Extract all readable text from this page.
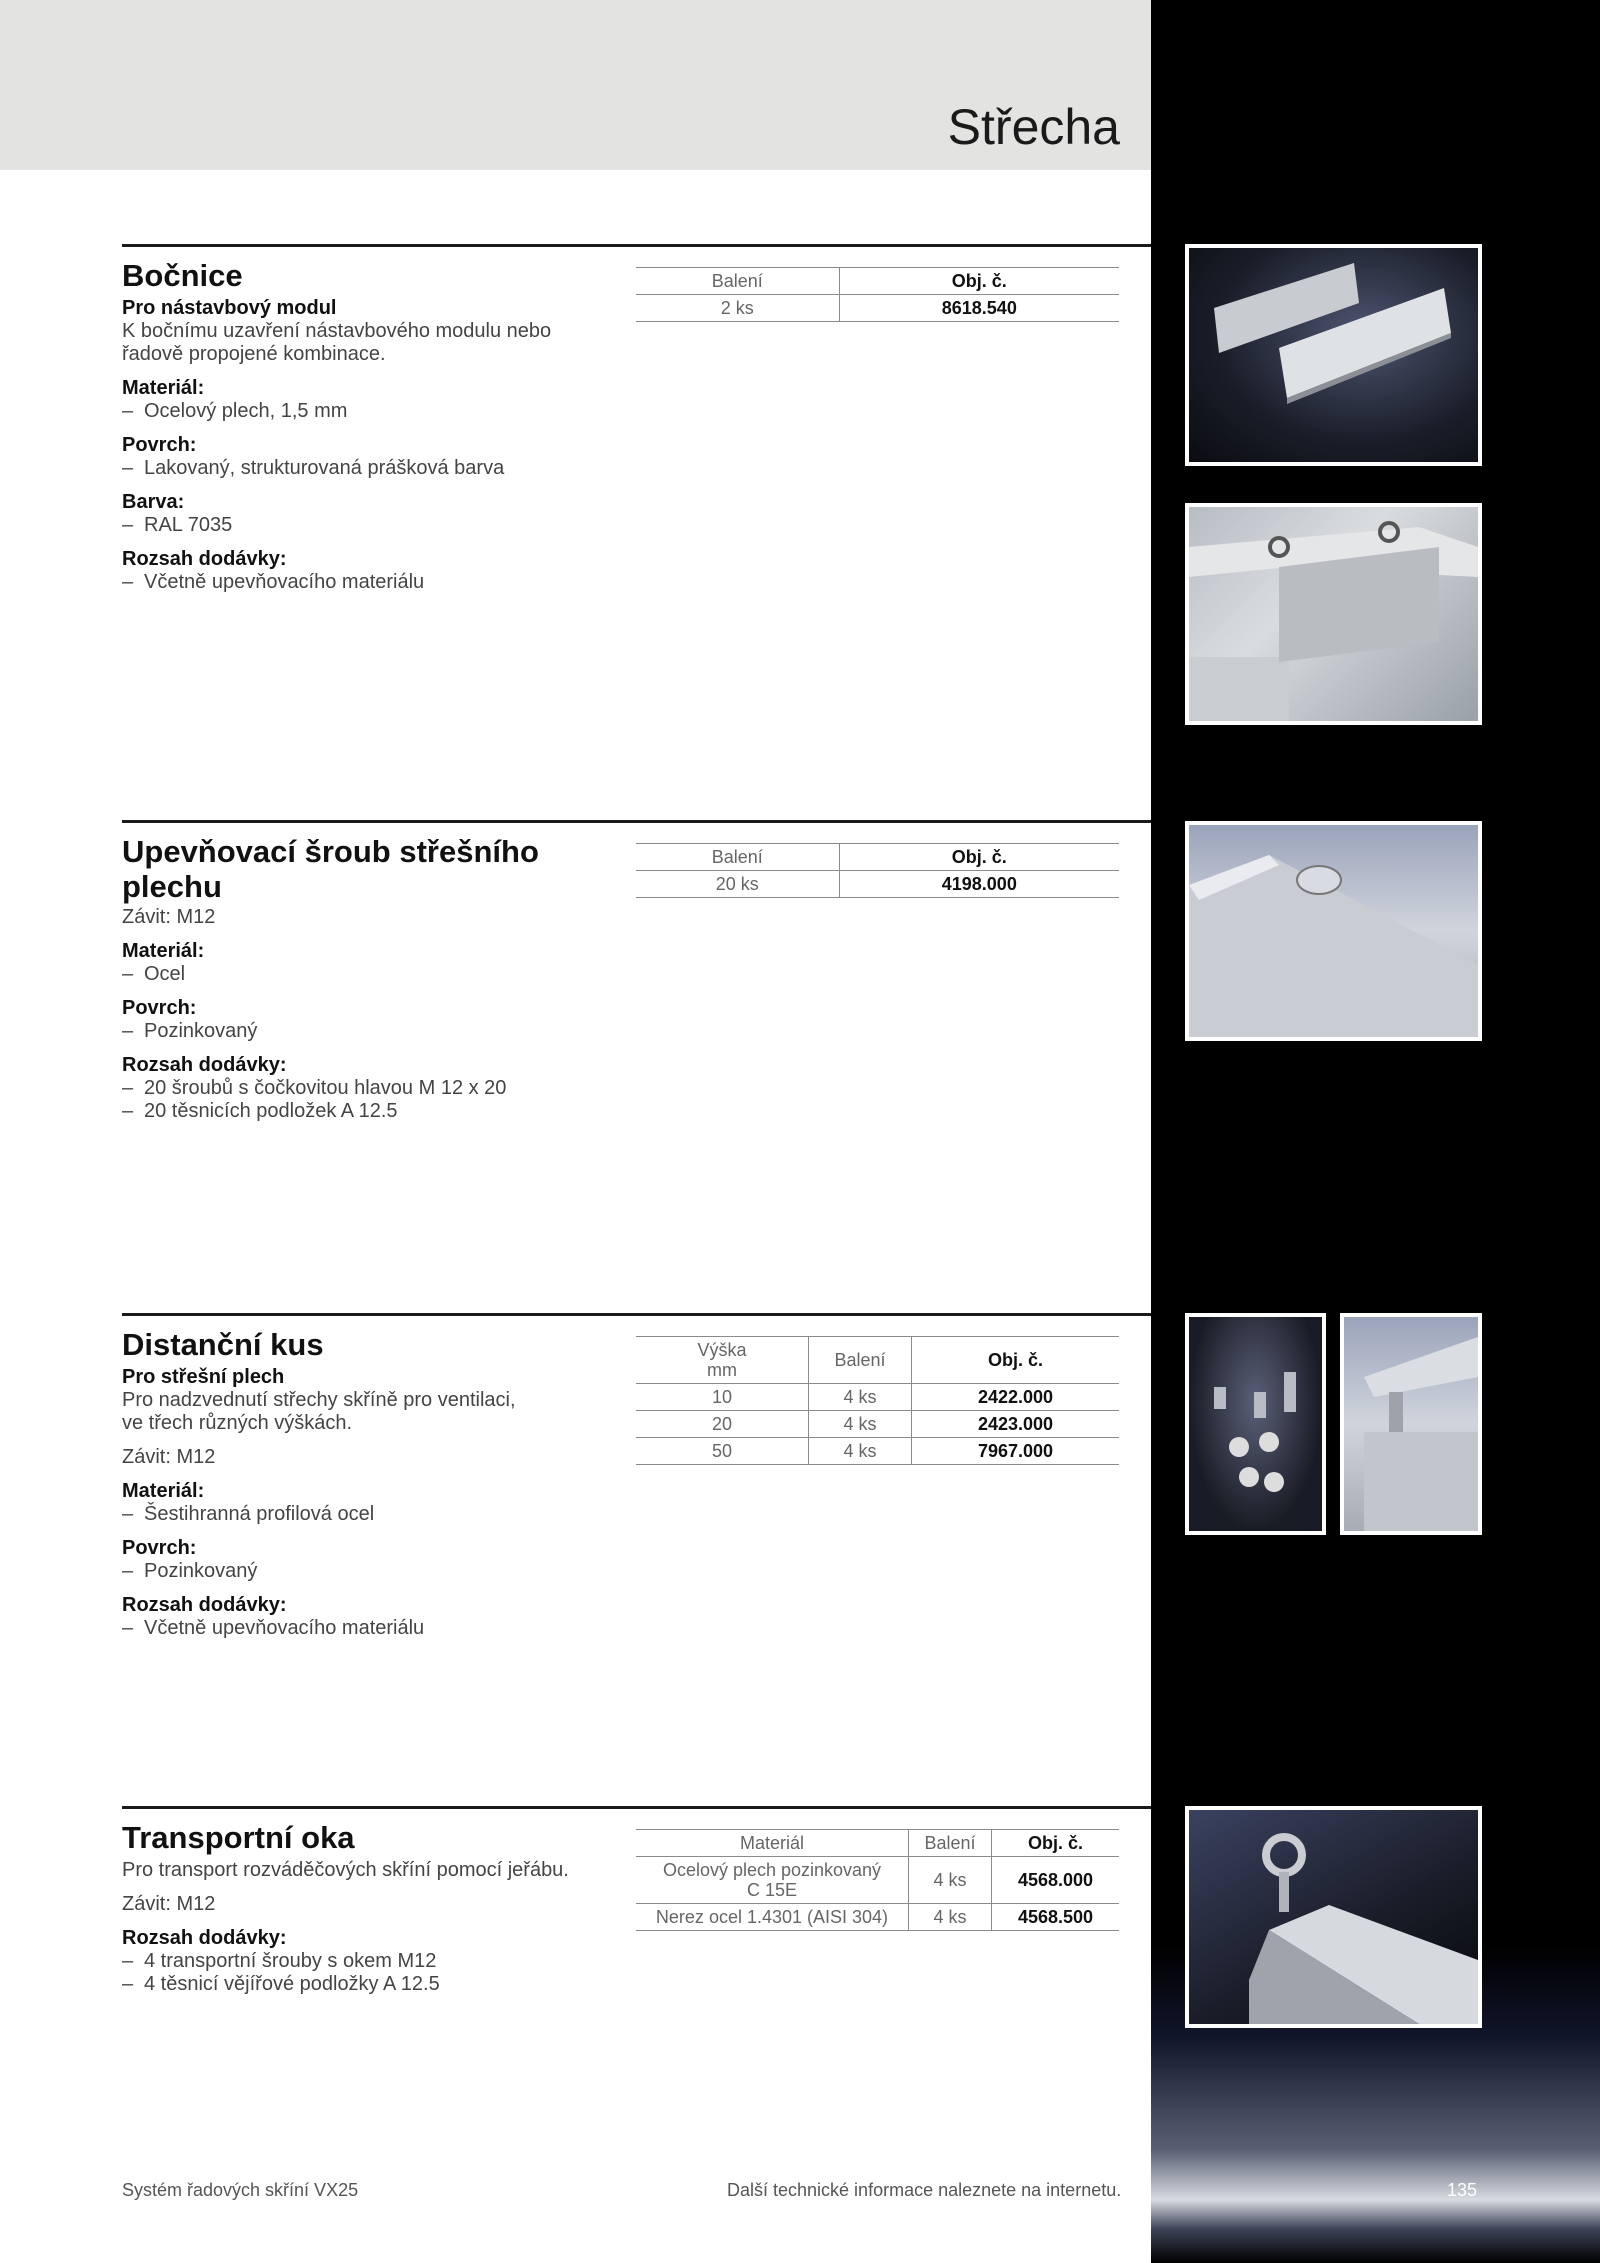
Střecha
Bočnice
Pro nástavbový modul
K bočnímu uzavření nástavbového modulu nebo
řadově propojené kombinace.
Materiál:
– Ocelový plech, 1,5 mm
Povrch:
– Lakovaný, strukturovaná prášková barva
Barva:
– RAL 7035
Rozsah dodávky:
– Včetně upevňovacího materiálu
Balení	Obj. č.
2 ks	8618.540
Upevňovací šroub střešního
plechu
Závit: M12
Materiál:
– Ocel
Povrch:
– Pozinkovaný
Rozsah dodávky:
– 20 šroubů s čočkovitou hlavou M 12 x 20
– 20 těsnicích podložek A 12.5
Balení	Obj. č.
20 ks	4198.000
Distanční kus
Pro střešní plech
Pro nadzvednutí střechy skříně pro ventilaci,
ve třech různých výškách.
Závit: M12
Materiál:
– Šestihranná profilová ocel
Povrch:
– Pozinkovaný
Rozsah dodávky:
– Včetně upevňovacího materiálu
Výška
mm	Balení	Obj. č.
10	4 ks	2422.000
20	4 ks	2423.000
50	4 ks	7967.000
Transportní oka
Pro transport rozváděčových skříní pomocí jeřábu.
Závit: M12
Rozsah dodávky:
– 4 transportní šrouby s okem M12
– 4 těsnicí vějířové podložky A 12.5
Materiál	Balení	Obj. č.
Ocelový plech pozinkovaný
C 15E	4 ks	4568.000
Nerez ocel 1.4301 (AISI 304)	4 ks	4568.500
Systém řadových skříní VX25	Další technické informace naleznete na internetu.	135
